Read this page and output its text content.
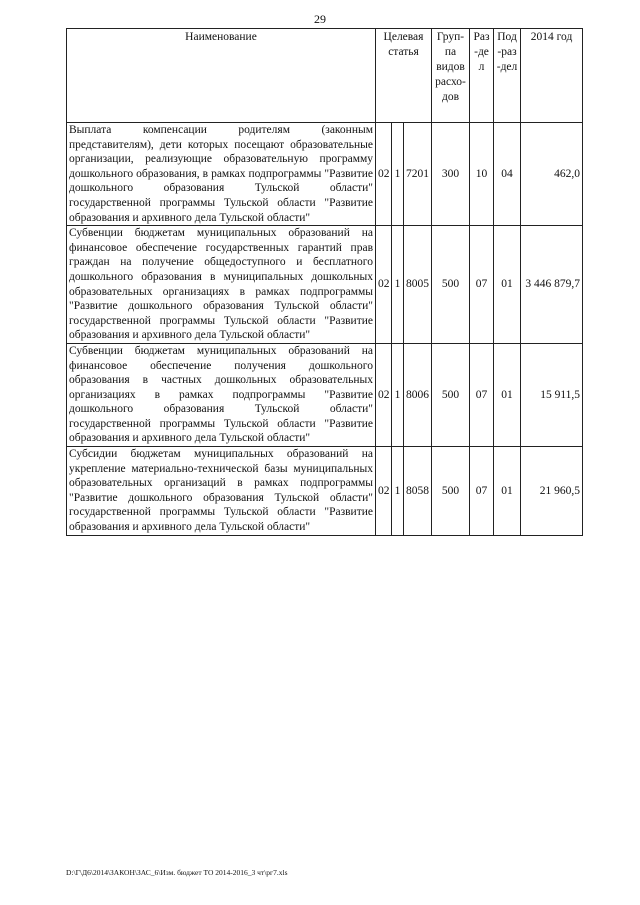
29
Наименование	Целевая статья			Груп-па видов расхо-дов	Раз-дел	Под-раз-дел	2014 год
Выплата компенсации родителям (законным представителям), дети которых посещают образовательные организации, реализующие образовательную программу дошкольного образования, в рамках подпрограммы "Развитие дошкольного образования Тульской области" государственной программы Тульской области "Развитие образования и архивного дела Тульской области"	02	1	7201	300	10	04	462,0
Субвенции бюджетам муниципальных образований на финансовое обеспечение государственных гарантий прав граждан на получение общедоступного и бесплатного дошкольного образования в муниципальных дошкольных образовательных организациях в рамках подпрограммы "Развитие дошкольного образования Тульской области" государственной программы Тульской области "Развитие образования и архивного дела Тульской области"	02	1	8005	500	07	01	3 446 879,7
Субвенции бюджетам муниципальных образований на финансовое обеспечение получения дошкольного образования в частных дошкольных образовательных организациях в рамках подпрограммы "Развитие дошкольного образования Тульской области" государственной программы Тульской области "Развитие образования и архивного дела Тульской области"	02	1	8006	500	07	01	15 911,5
Субсидии бюджетам муниципальных образований на укрепление материально-технической базы муниципальных образовательных организаций в рамках подпрограммы "Развитие дошкольного образования Тульской области" государственной программы Тульской области "Развитие образования и архивного дела Тульской области"	02	1	8058	500	07	01	21 960,5
D:\Г\Д6\2014\ЗАКОН\ЗАС_6\Изм. бюджет ТО 2014-2016_3 чт\рг7.xls
